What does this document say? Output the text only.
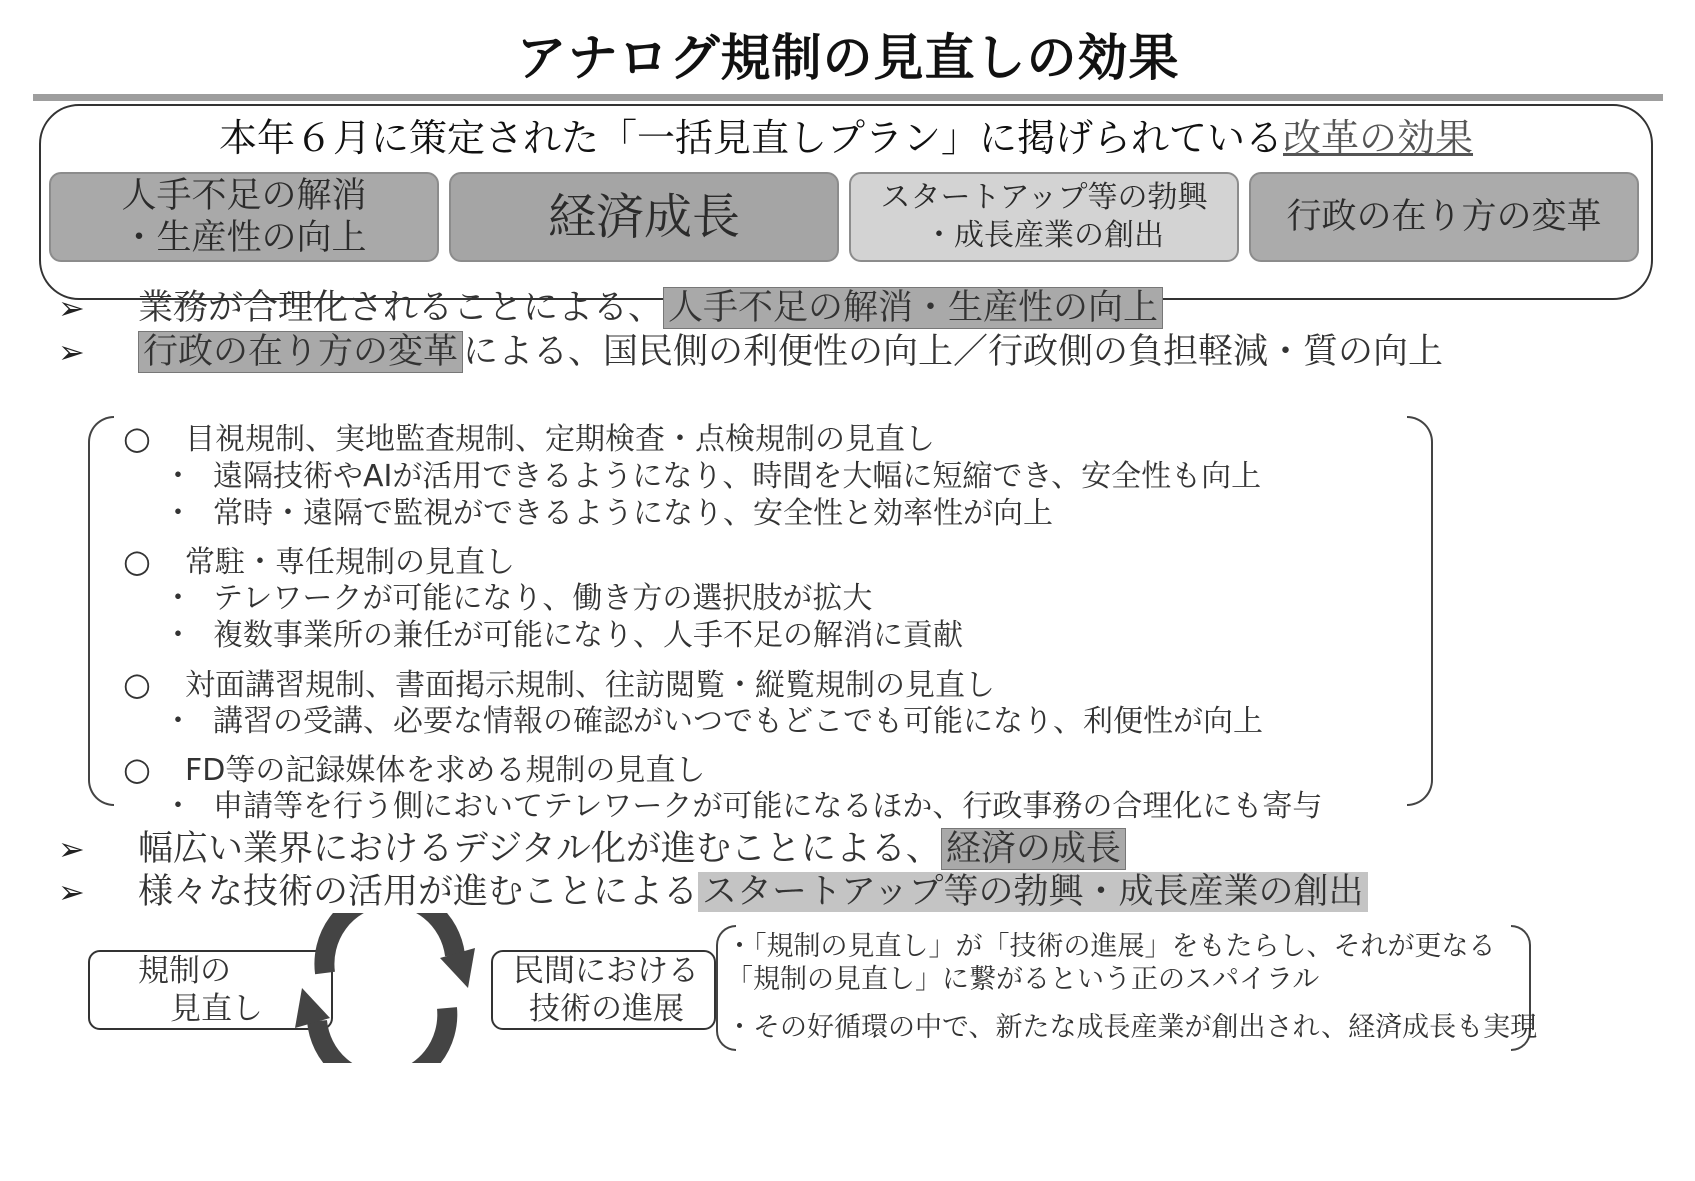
アナログ規制の見直しの効果
本年６月に策定された「一括見直しプラン」に掲げられている改革の効果
人手不足の解消
・生産性の向上	経済成長	スタートアップ等の勃興
・成長産業の創出	行政の在り方の変革
➢ 業務が合理化されることによる、 人手不足の解消・生産性の向上
➢ 行政の在り方の変革 による、国民側の利便性の向上／行政側の負担軽減・質の向上
○ 目視規制、実地監査規制、定期検査・点検規制の見直し
・ 遠隔技術やAIが活用できるようになり、時間を大幅に短縮でき、安全性も向上
・ 常時・遠隔で監視ができるようになり、安全性と効率性が向上
○ 常駐・専任規制の見直し
・ テレワークが可能になり、働き方の選択肢が拡大
・ 複数事業所の兼任が可能になり、人手不足の解消に貢献
○ 対面講習規制、書面掲示規制、往訪閲覧・縦覧規制の見直し
・ 講習の受講、必要な情報の確認がいつでもどこでも可能になり、利便性が向上
○ FD等の記録媒体を求める規制の見直し
・ 申請等を行う側においてテレワークが可能になるほか、行政事務の合理化にも寄与
➢ 幅広い業界におけるデジタル化が進むことによる、 経済の成長
➢ 様々な技術の活用が進むことによる スタートアップ等の勃興・成長産業の創出
規制の
見直し
民間における
技術の進展
・「規制の見直し」が「技術の進展」をもたらし、それが更なる
「規制の見直し」に繋がるという正のスパイラル
・その好循環の中で、新たな成長産業が創出され、経済成長も実現
